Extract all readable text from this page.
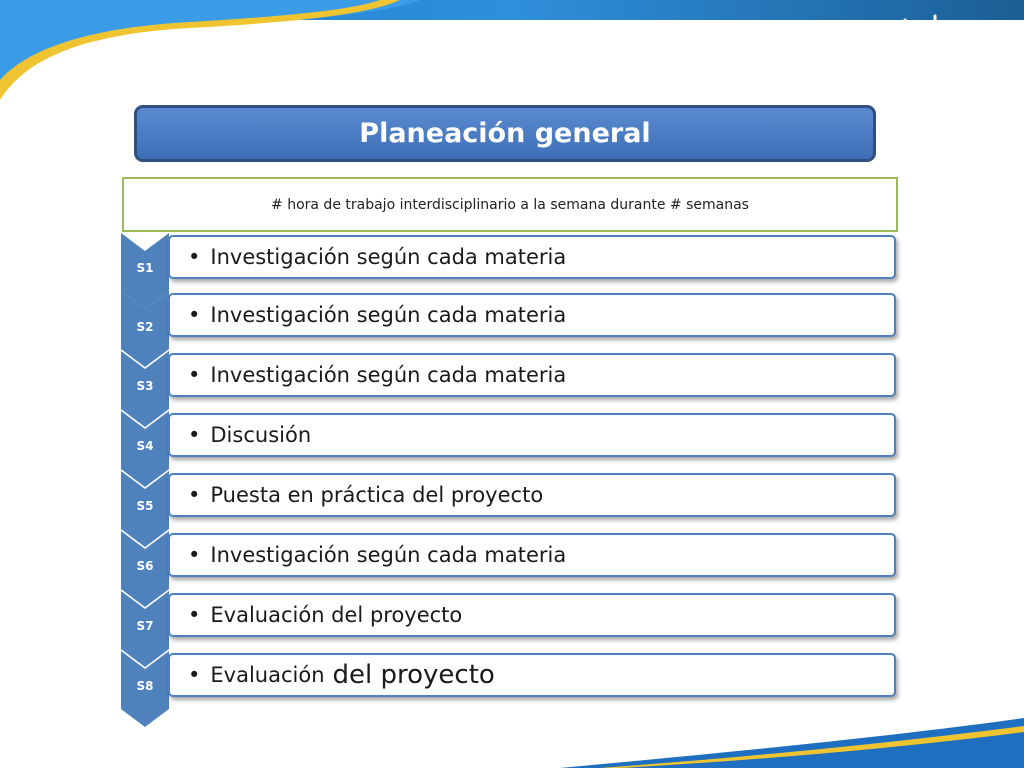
Planeación general
# hora de trabajo interdisciplinario a la semana durante # semanas
S1	• Investigación según cada materia
S2	• Investigación según cada materia
S3	• Investigación según cada materia
S4	• Discusión
S5	• Puesta en práctica del proyecto
S6	• Investigación según cada materia
S7	• Evaluación del proyecto
S8	• Evaluación del proyecto
